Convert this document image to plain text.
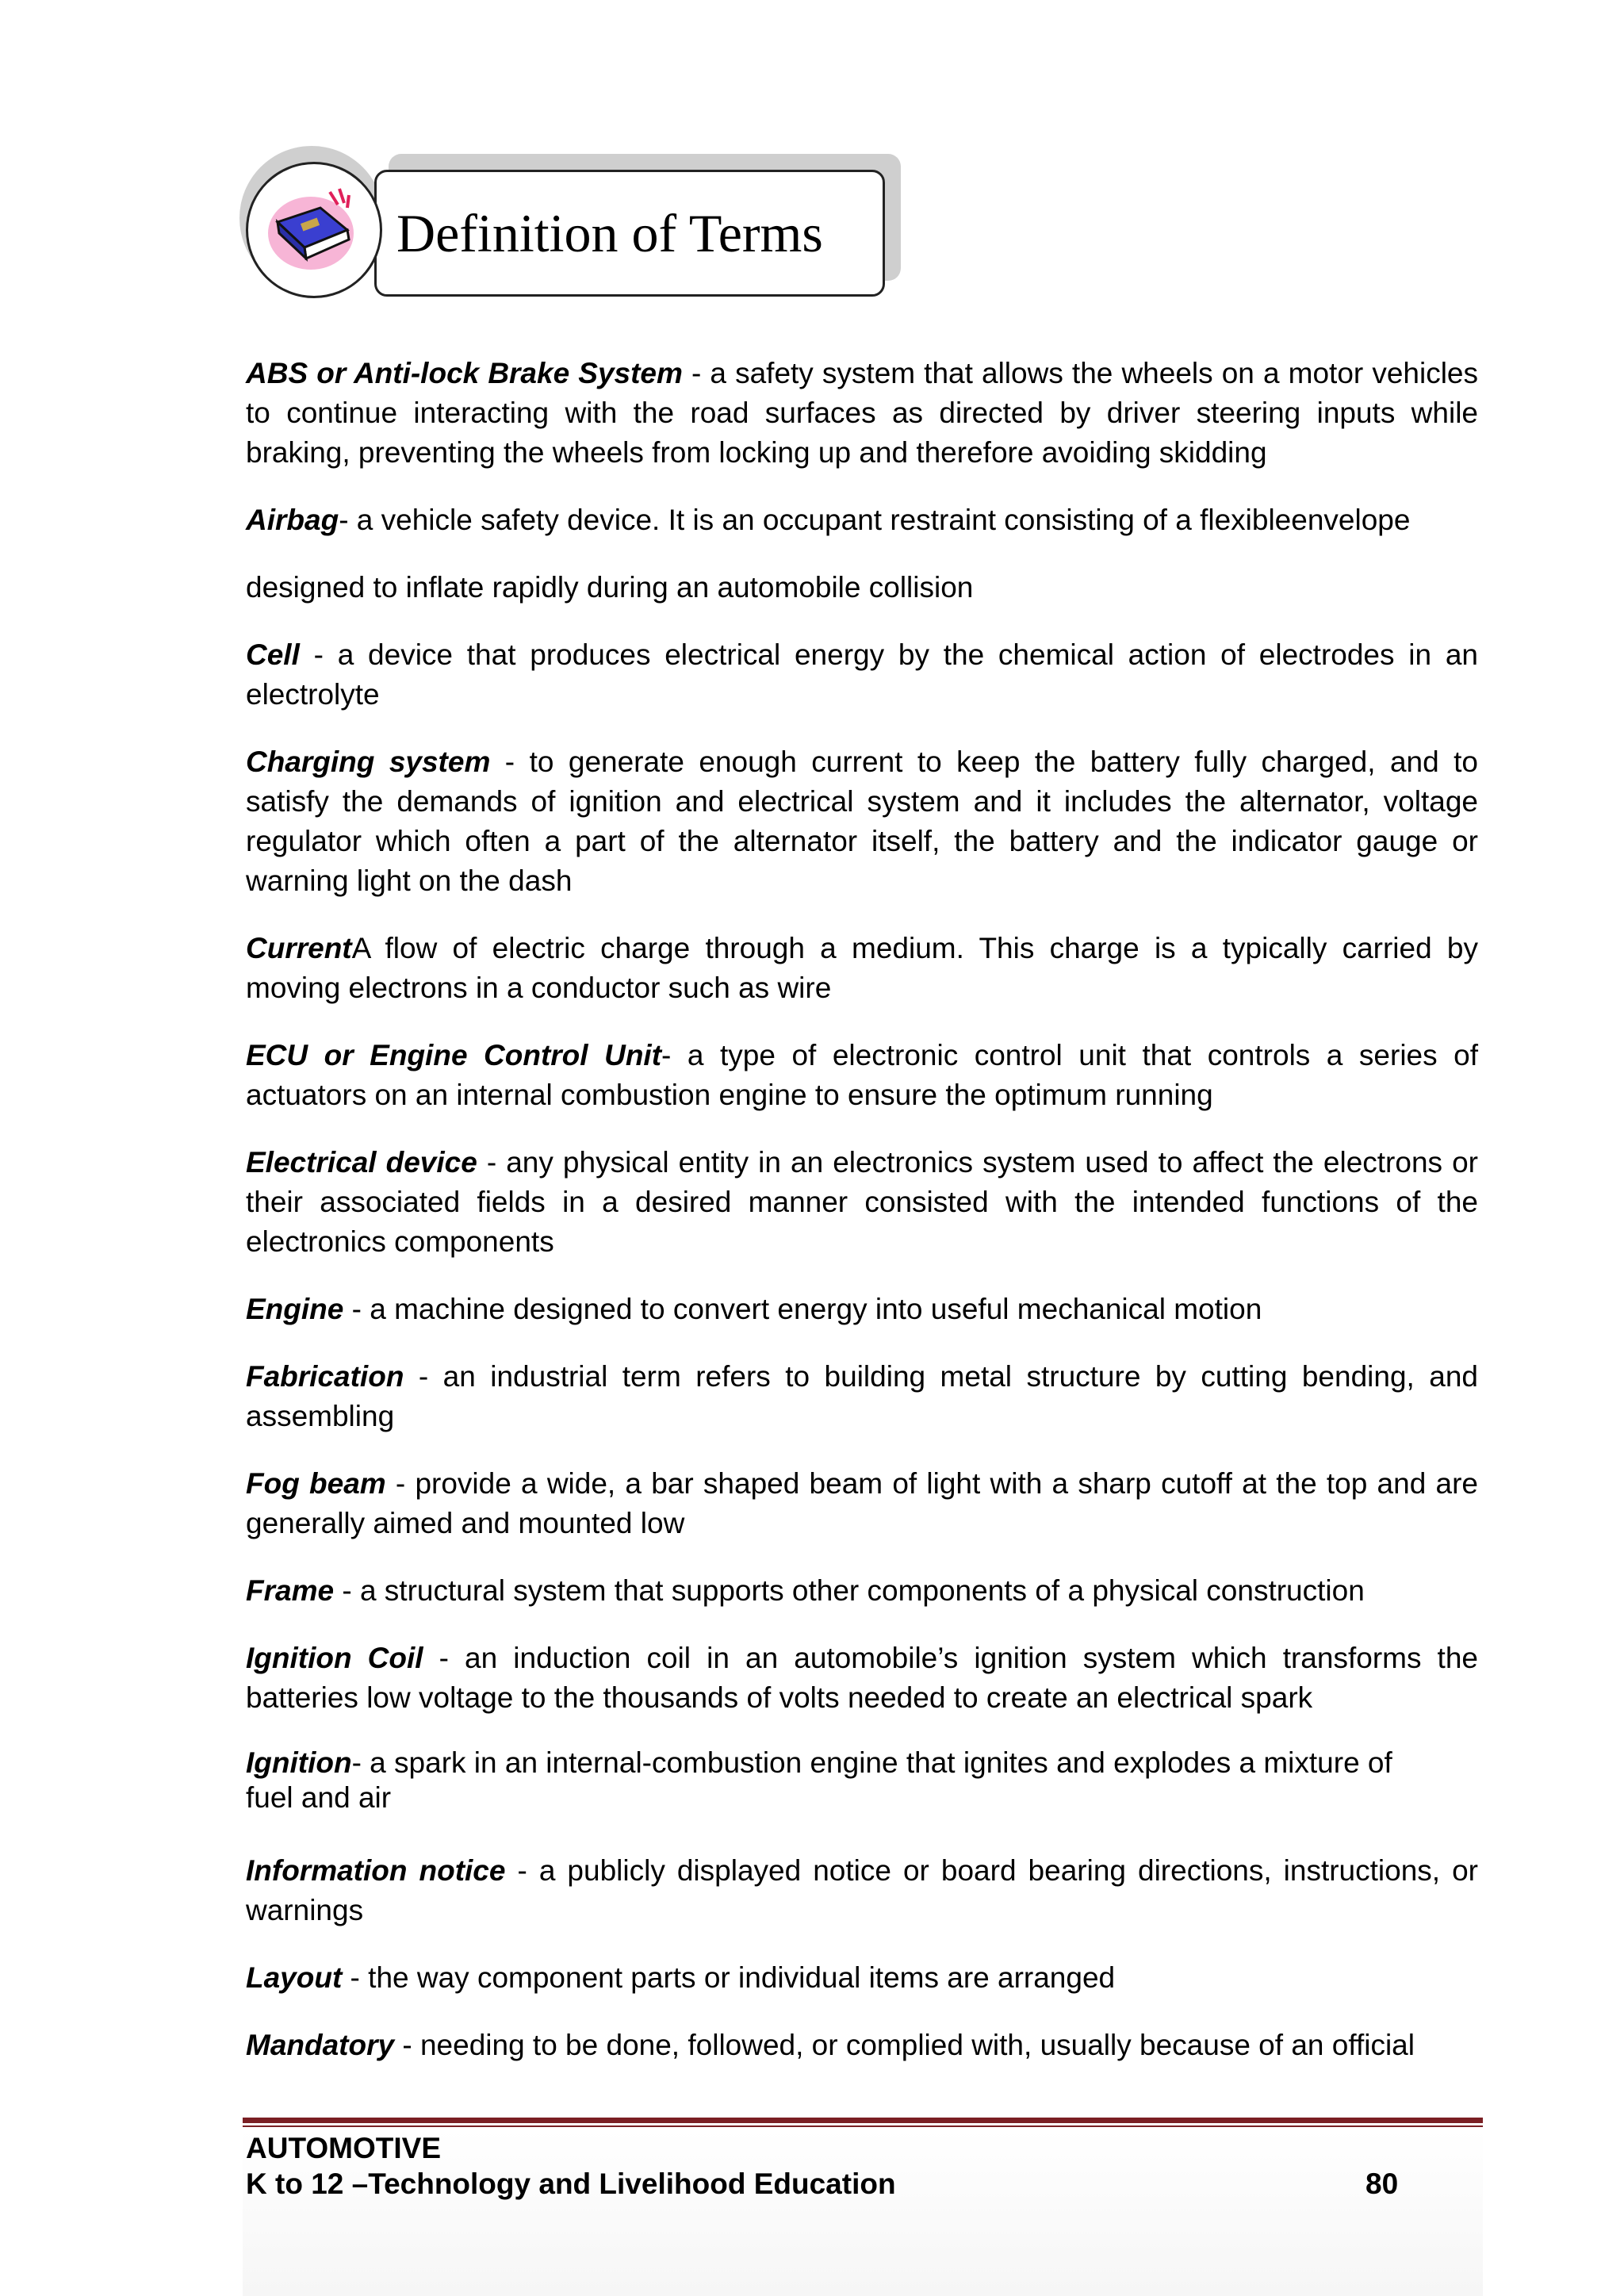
Definition of Terms

ABS or Anti-lock Brake System - a safety system that allows the wheels on a motor vehicles to continue interacting with the road surfaces as directed by driver steering inputs while braking, preventing the wheels from locking up and therefore avoiding skidding

Airbag- a vehicle safety device. It is an occupant restraint consisting of a flexibleenvelope

designed to inflate rapidly during an automobile collision

Cell - a device that produces electrical energy by the chemical action of electrodes in an electrolyte

Charging system - to generate enough current to keep the battery fully charged, and to satisfy the demands of ignition and electrical system and it includes the alternator, voltage regulator which often a part of the alternator itself, the battery and the indicator gauge or warning light on the dash

CurrentA flow of electric charge through a medium. This charge is a typically carried by moving electrons in a conductor such as wire

ECU or Engine Control Unit- a type of electronic control unit that controls a series of actuators on an internal combustion engine to ensure the optimum running

Electrical device - any physical entity in an electronics system used to affect the electrons or their associated fields in a desired manner consisted with the intended functions of the electronics components

Engine - a machine designed to convert energy into useful mechanical motion

Fabrication - an industrial term refers to building metal structure by cutting bending, and assembling

Fog beam - provide a wide, a bar shaped beam of light with a sharp cutoff at the top and are generally aimed and mounted low

Frame - a structural system that supports other components of a physical construction

Ignition Coil - an induction coil in an automobile’s ignition system which transforms the batteries low voltage to the thousands of volts needed to create an electrical spark

Ignition- a spark in an internal-combustion engine that ignites and explodes a mixture of
fuel and air

Information notice - a publicly displayed notice or board bearing directions, instructions, or warnings

Layout - the way component parts or individual items are arranged

Mandatory - needing to be done, followed, or complied with, usually because of an official

AUTOMOTIVE
K to 12 –Technology and Livelihood Education	80
